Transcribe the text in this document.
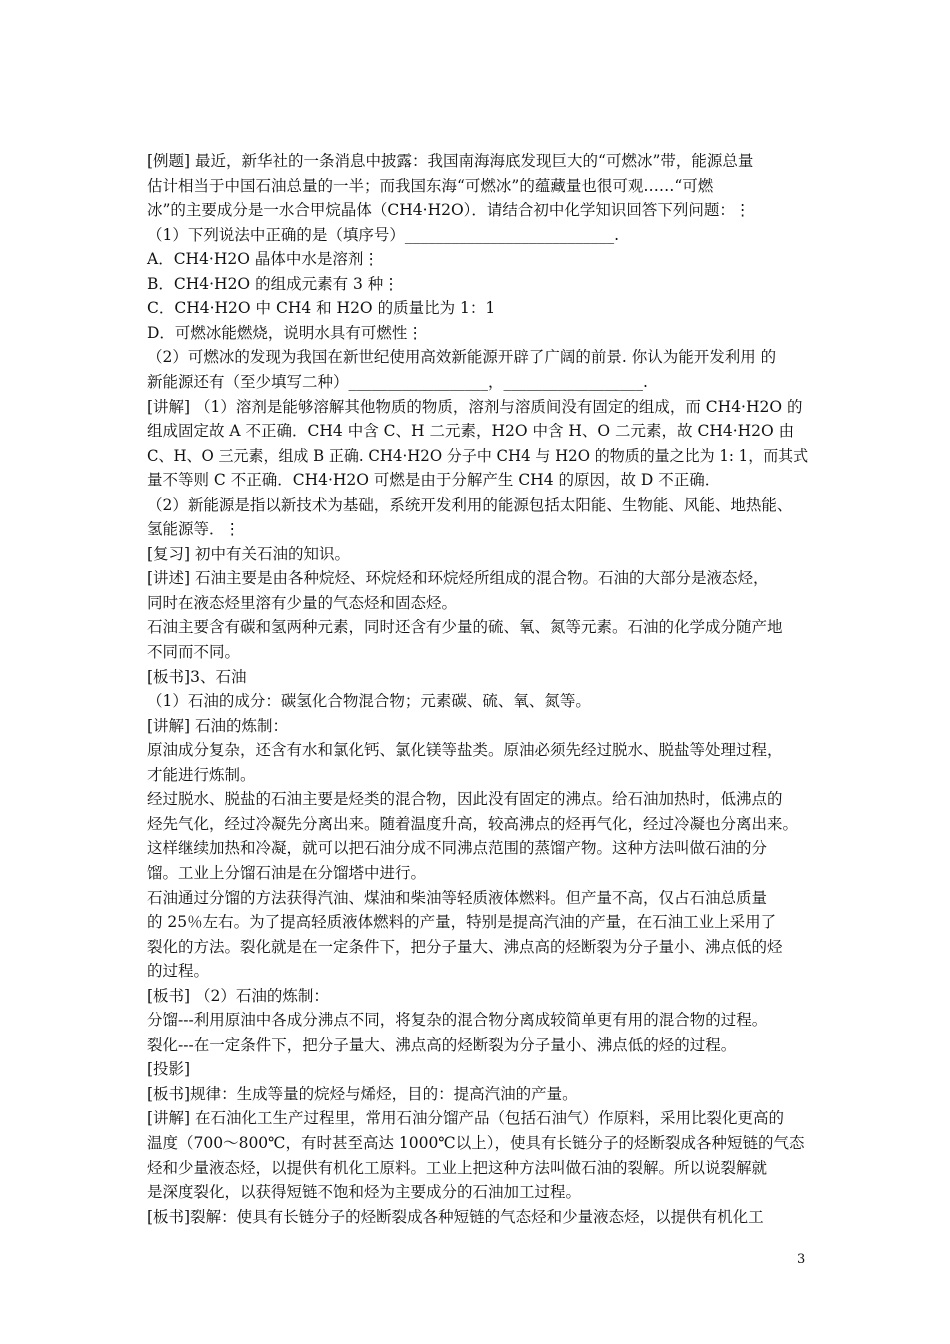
[例题] 最近，新华社的一条消息中披露：我国南海海底发现巨大的“可燃冰”带，能源总量
估计相当于中国石油总量的一半；而我国东海“可燃冰”的蕴藏量也很可观……“可燃
冰”的主要成分是一水合甲烷晶体（CH4·H2O）．请结合初中化学知识回答下列问题：⋮
（1）下列说法中正确的是（填序号）___________________________.
A．CH4·H2O 晶体中水是溶剂⋮
B．CH4·H2O 的组成元素有 3 种⋮
C．CH4·H2O 中 CH4 和 H2O 的质量比为 1：1
D．可燃冰能燃烧，说明水具有可燃性⋮
（2）可燃冰的发现为我国在新世纪使用高效新能源开辟了广阔的前景. 你认为能开发利用 的
新能源还有（至少填写二种）__________________，__________________.
[讲解] （1）溶剂是能够溶解其他物质的物质，溶剂与溶质间没有固定的组成，而 CH4·H2O 的
组成固定故 A 不正确．CH4 中含 C、H 二元素，H2O 中含 H、O 二元素，故 CH4·H2O 由
C、H、O 三元素，组成 B 正确. CH4·H2O 分子中 CH4 与 H2O 的物质的量之比为 1: 1，而其式
量不等则 C 不正确．CH4·H2O 可燃是由于分解产生 CH4 的原因，故 D 不正确．
（2）新能源是指以新技术为基础，系统开发利用的能源包括太阳能、生物能、风能、地热能、
氢能源等．⋮
[复习] 初中有关石油的知识。
[讲述] 石油主要是由各种烷烃、环烷烃和环烷烃所组成的混合物。石油的大部分是液态烃，
同时在液态烃里溶有少量的气态烃和固态烃。
石油主要含有碳和氢两种元素，同时还含有少量的硫、氧、氮等元素。石油的化学成分随产地
不同而不同。
[板书]3、石油
（1）石油的成分：碳氢化合物混合物；元素碳、硫、氧、氮等。
[讲解] 石油的炼制：
原油成分复杂，还含有水和氯化钙、氯化镁等盐类。原油必须先经过脱水、脱盐等处理过程，
才能进行炼制。
经过脱水、脱盐的石油主要是烃类的混合物，因此没有固定的沸点。给石油加热时，低沸点的
烃先气化，经过冷凝先分离出来。随着温度升高，较高沸点的烃再气化，经过冷凝也分离出来。
这样继续加热和冷凝，就可以把石油分成不同沸点范围的蒸馏产物。这种方法叫做石油的分
馏。工业上分馏石油是在分馏塔中进行。
石油通过分馏的方法获得汽油、煤油和柴油等轻质液体燃料。但产量不高，仅占石油总质量
的 25％左右。为了提高轻质液体燃料的产量，特别是提高汽油的产量，在石油工业上采用了
裂化的方法。裂化就是在一定条件下，把分子量大、沸点高的烃断裂为分子量小、沸点低的烃
的过程。
[板书] （2）石油的炼制：
分馏---利用原油中各成分沸点不同，将复杂的混合物分离成较简单更有用的混合物的过程。
裂化---在一定条件下，把分子量大、沸点高的烃断裂为分子量小、沸点低的烃的过程。
[投影]
[板书]规律：生成等量的烷烃与烯烃，目的：提高汽油的产量。
[讲解] 在石油化工生产过程里，常用石油分馏产品（包括石油气）作原料，采用比裂化更高的
温度（700～800℃，有时甚至高达 1000℃以上），使具有长链分子的烃断裂成各种短链的气态
烃和少量液态烃，以提供有机化工原料。工业上把这种方法叫做石油的裂解。所以说裂解就
是深度裂化，以获得短链不饱和烃为主要成分的石油加工过程。
[板书]裂解：使具有长链分子的烃断裂成各种短链的气态烃和少量液态烃，以提供有机化工
3
